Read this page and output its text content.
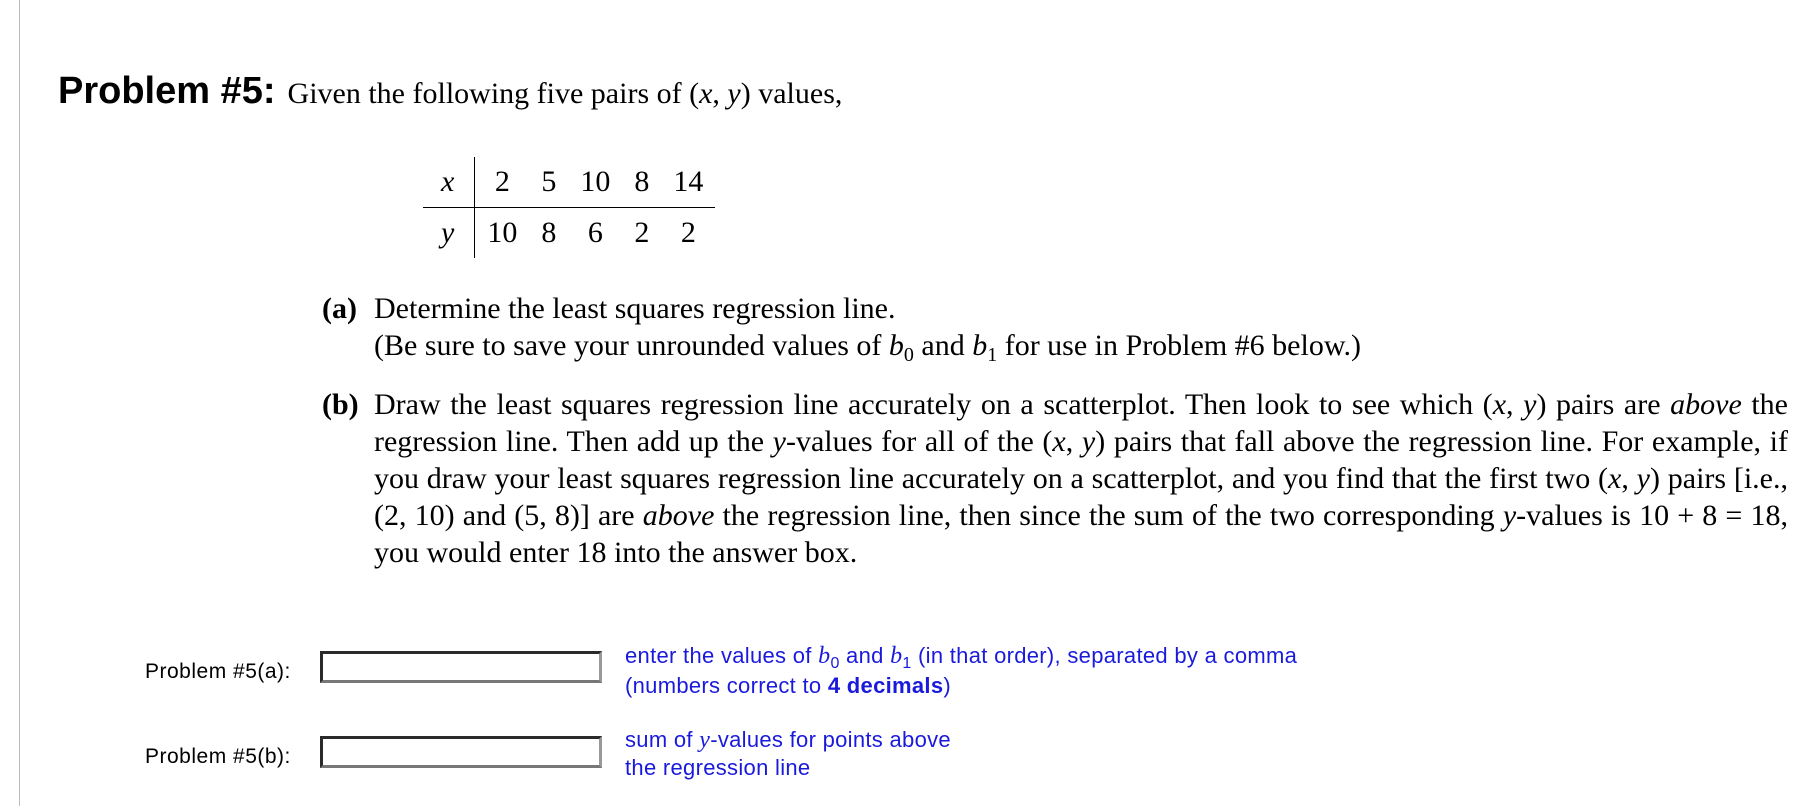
Problem #5: Given the following five pairs of (x, y) values,
x	2	5	10	8	14
y	10	8	6	2	2
(a) Determine the least squares regression line.
(Be sure to save your unrounded values of $b_0$ and $b_1$ for use in Problem #6 below.)
(b) Draw the least squares regression line accurately on a scatterplot. Then look to see which (x, y) pairs are above the regression line. Then add up the y-values for all of the (x, y) pairs that fall above the regression line. For example, if you draw your least squares regression line accurately on a scatterplot, and you find that the first two (x, y) pairs [i.e., (2, 10) and (5, 8)] are above the regression line, then since the sum of the two corresponding y-values is 10 + 8 = 18, you would enter 18 into the answer box.
Problem #5(a):
enter the values of $b_0$ and $b_1$ (in that order), separated by a comma
(numbers correct to 4 decimals)
Problem #5(b):
sum of y-values for points above
the regression line
